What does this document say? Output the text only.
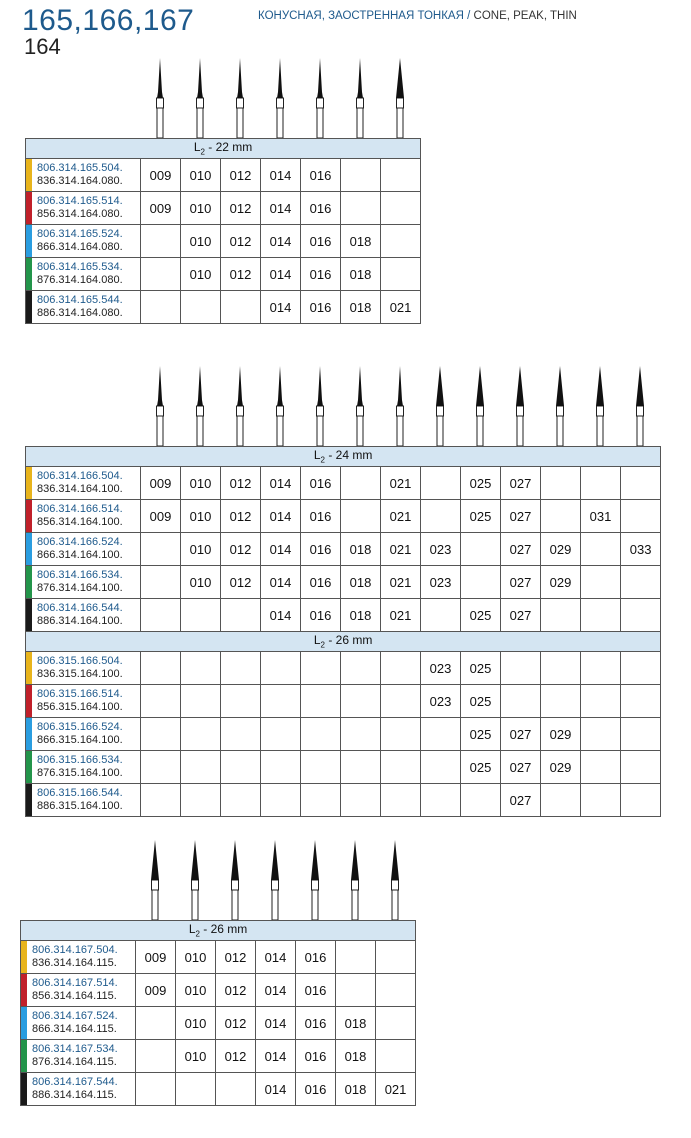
165,166,167
164
КОНУСНАЯ, ЗАОСТРЕННАЯ ТОНКАЯ / CONE, PEAK, THIN
$L_2 - 22$ mm							

806.314.165.504.
836.314.164.080.	009	010	012	014	016		

806.314.165.514.
856.314.164.080.	009	010	012	014	016		

806.314.165.524.
866.314.164.080.		010	012	014	016	018	

806.314.165.534.
876.314.164.080.		010	012	014	016	018	

806.314.165.544.
886.314.164.080.				014	016	018	021
$L_2 - 24$ mm													

806.314.166.504.
836.314.164.100.	009	010	012	014	016		021		025	027			

806.314.166.514.
856.314.164.100.	009	010	012	014	016		021		025	027		031	

806.314.166.524.
866.314.164.100.		010	012	014	016	018	021	023		027	029		033

806.314.166.534.
876.314.164.100.		010	012	014	016	018	021	023		027	029		

806.314.166.544.
886.314.164.100.				014	016	018	021		025	027			
$L_2 - 26$ mm													

806.315.166.504.
836.315.164.100.								023	025				

806.315.166.514.
856.315.164.100.								023	025				

806.315.166.524.
866.315.164.100.									025	027	029		

806.315.166.534.
876.315.164.100.									025	027	029		

806.315.166.544.
886.315.164.100.										027			
$L_2 - 26$ mm							

806.314.167.504.
836.314.164.115.	009	010	012	014	016		

806.314.167.514.
856.314.164.115.	009	010	012	014	016		

806.314.167.524.
866.314.164.115.		010	012	014	016	018	

806.314.167.534.
876.314.164.115.		010	012	014	016	018	

806.314.167.544.
886.314.164.115.				014	016	018	021
